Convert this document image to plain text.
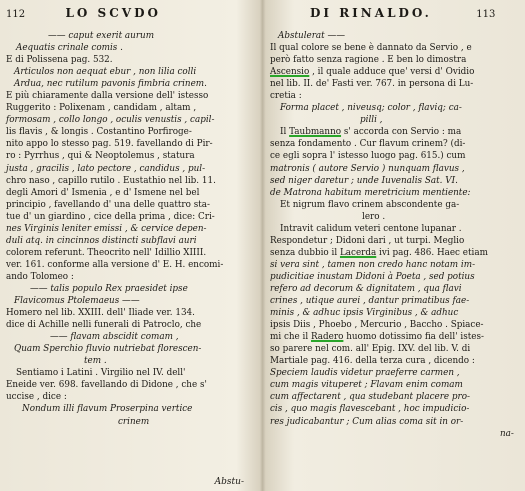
112	LO SCVDO
—— caput exerit aurum
Aequatis crinale comis .
E di Polissena pag. 532.
Articulos non aequat ebur , non lilia colli
Ardua, nec rutilum pavonis fimbria crinem.
E più chiaramente dalla versione dell' istesso
Ruggerito : Polixenam , candidam , altam ,
formosam , collo longo , oculis venustis , capil-
lis flavis , & longis . Costantino Porfiroge-
nito appo lo stesso pag. 519. favellando di Pir-
ro : Pyrrhus , qui & Neoptolemus , statura
justa , gracilis , lato pectore , candidus , pul-
chro naso , capillo rutilo . Eustathio nel lib. 11.
degli Amori d' Ismenia , e d' Ismene nel bel
principio , favellando d' una delle quattro sta-
tue d' un giardino , cice della prima , dice: Cri-
nes Virginis leniter emissi , & cervice depen-
duli atq. in cincinnos distincti subflavi auri
colorem referunt. Theocrito nell' Idillio XIIII.
ver. 161. conforme alla versione d' E. H. encomi-
ando Tolomeo :
—— talis populo Rex praesidet ipse
Flavicomus Ptolemaeus ——
Homero nel lib. XXIII. dell' Iliade ver. 134.
dice di Achille nelli funerali di Patroclo, che
—— flavam abscidit comam ,
Quam Sperchio fluvio nutriebat florescen-
tem .
Sentiamo i Latini . Virgilio nel IV. dell'
Eneide ver. 698. favellando di Didone , che s'
uccise , dice :
Nondum illi flavum Proserpina vertice
crinem
Abstu-
DI RINALDO.	113
Abstulerat ——
Il qual colore se bene è dannato da Servio , e
però fatto senza ragione . E ben lo dimostra
Ascensio , il quale adduce que' versi d' Ovidio
nel lib. II. de' Fasti ver. 767. in persona di Lu-
cretia :
Forma placet , niveusq; color , flaviq; ca-
pilli ,
Il Taubmanno s' accorda con Servio : ma
senza fondamento . Cur flavum crinem? (di-
ce egli sopra l' istesso luogo pag. 615.) cum
matronis ( autore Servio ) nunquam flavus ,
sed niger daretur ; unde Iuvenalis Sat. VI.
de Matrona habitum meretricium mentiente:
Et nigrum flavo crinem abscondente ga-
lero .
Intravit calidum veteri centone lupanar .
Respondetur ; Didoni dari , ut turpi. Meglio
senza dubbio il Lacerda ivi pag. 486. Haec etiam
si vera sint , tamen non credo hanc notam im-
pudicitiae inustam Didoni à Poeta , sed potius
refero ad decorum & dignitatem , qua flavi
crines , utique aurei , dantur primatibus fae-
minis , & adhuc ipsis Virginibus , & adhuc
ipsis Diis , Phoebo , Mercurio , Baccho . Spiace-
mi che il Radero huomo dotissimo fia dell' istes-
so parere nel com. all' Epig. IXV. del lib. V. di
Martiale pag. 416. della terza cura , dicendo :
Speciem laudis videtur praeferre carmen ,
cum magis vituperet ; Flavam enim comam
cum affectarent , qua studebant placere pro-
cis , quo magis flavescebant , hoc impudicio-
res judicabantur ; Cum alias coma sit in or-
na-
